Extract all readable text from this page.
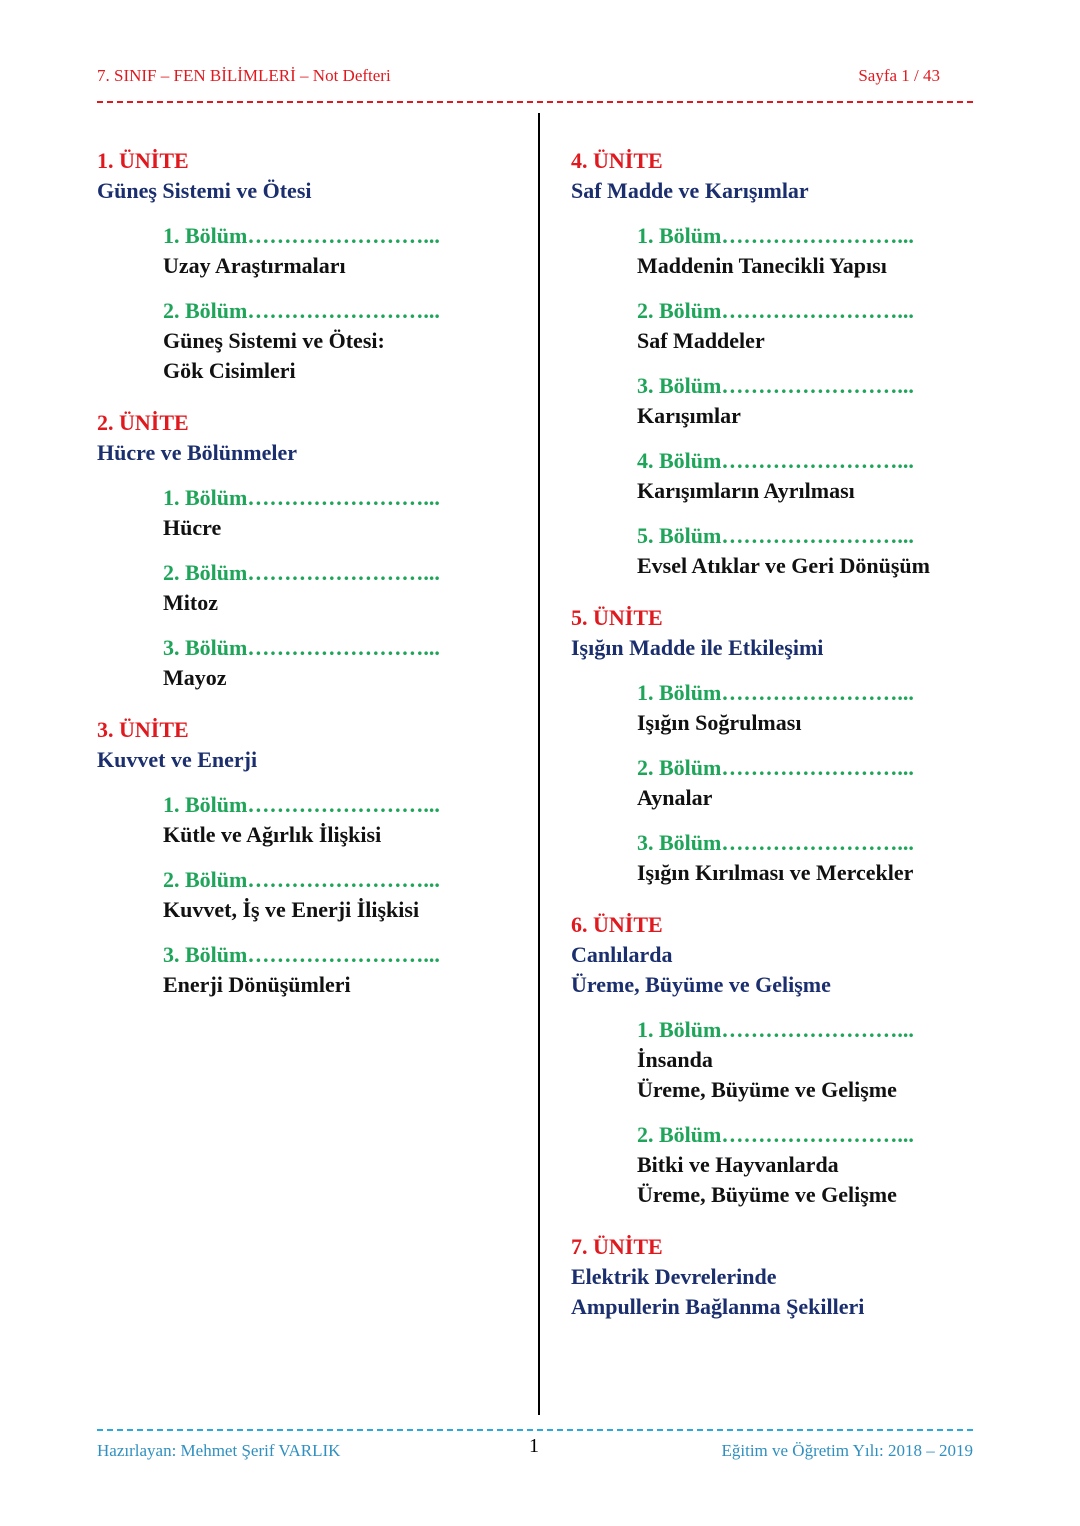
7. SINIF – FEN BİLİMLERİ – Not Defteri	Sayfa 1 / 43
1. ÜNİTE
Güneş Sistemi ve Ötesi
1. Bölüm……………………...
Uzay Araştırmaları
2. Bölüm……………………...
Güneş Sistemi ve Ötesi:
Gök Cisimleri
2. ÜNİTE
Hücre ve Bölünmeler
1. Bölüm……………………...
Hücre
2. Bölüm……………………...
Mitoz
3. Bölüm……………………...
Mayoz
3. ÜNİTE
Kuvvet ve Enerji
1. Bölüm……………………...
Kütle ve Ağırlık İlişkisi
2. Bölüm……………………...
Kuvvet, İş ve Enerji İlişkisi
3. Bölüm……………………...
Enerji Dönüşümleri
4. ÜNİTE
Saf Madde ve Karışımlar
1. Bölüm……………………...
Maddenin Tanecikli Yapısı
2. Bölüm……………………...
Saf Maddeler
3. Bölüm……………………...
Karışımlar
4. Bölüm……………………...
Karışımların Ayrılması
5. Bölüm……………………...
Evsel Atıklar ve Geri Dönüşüm
5. ÜNİTE
Işığın Madde ile Etkileşimi
1. Bölüm……………………...
Işığın Soğrulması
2. Bölüm……………………...
Aynalar
3. Bölüm……………………...
Işığın Kırılması ve Mercekler
6. ÜNİTE
Canlılarda
Üreme, Büyüme ve Gelişme
1. Bölüm……………………...
İnsanda
Üreme, Büyüme ve Gelişme
2. Bölüm……………………...
Bitki ve Hayvanlarda
Üreme, Büyüme ve Gelişme
7. ÜNİTE
Elektrik Devrelerinde
Ampullerin Bağlanma Şekilleri
Hazırlayan: Mehmet Şerif VARLIK	1	Eğitim ve Öğretim Yılı: 2018 – 2019
